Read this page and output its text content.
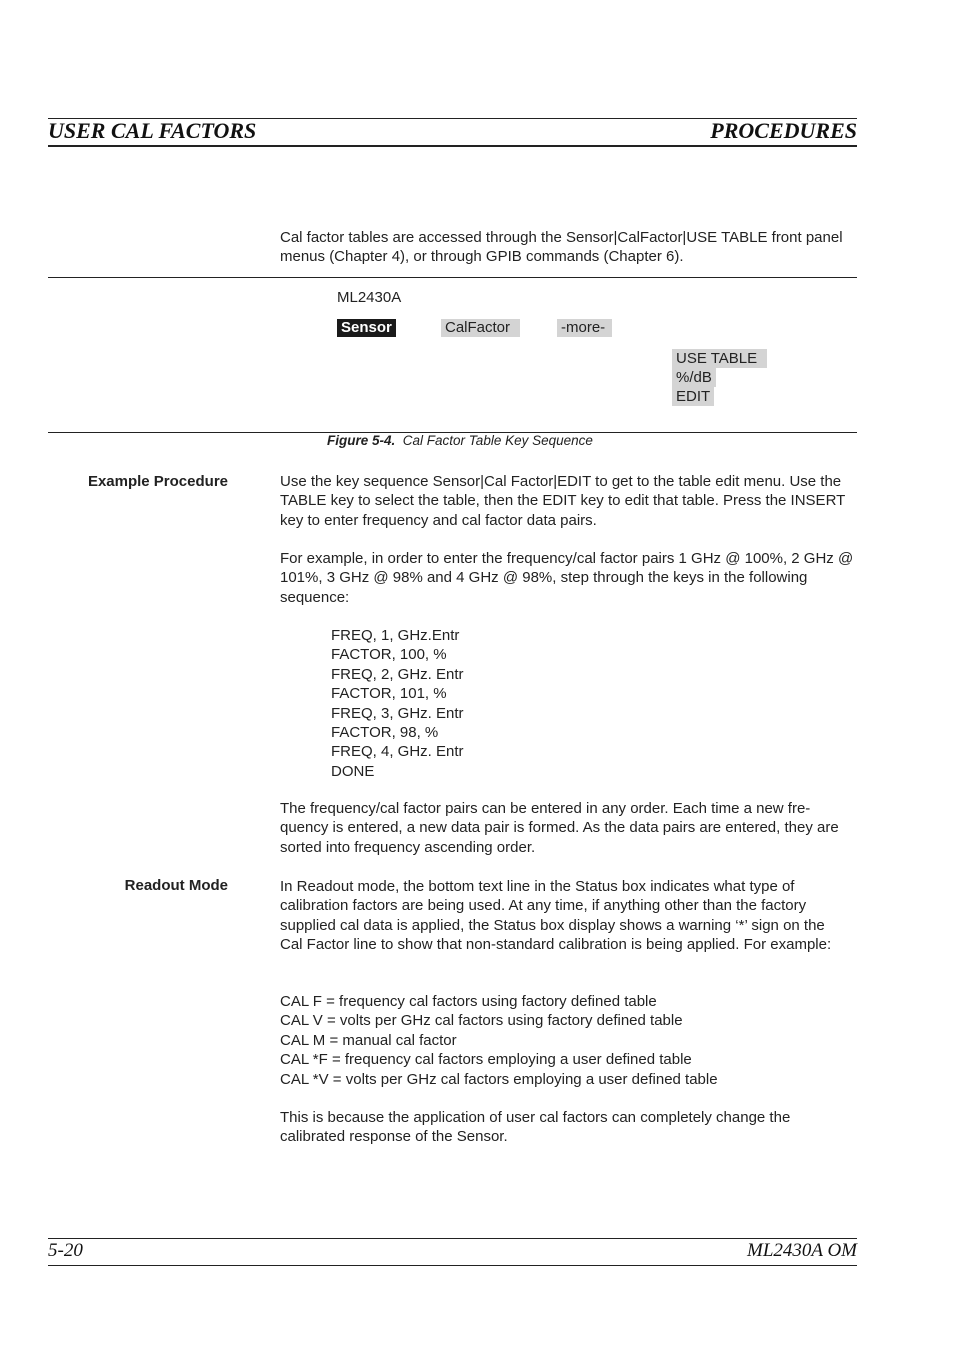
USER CAL FACTORS	PROCEDURES
Cal factor tables are accessed through the Sensor|CalFactor|USE TABLE front panel menus (Chapter 4), or through GPIB commands (Chapter 6).
ML2430A
Sensor	CalFactor	-more-
USE TABLE
%/dB
EDIT
Figure 5-4. Cal Factor Table Key Sequence
Example Procedure	Use the key sequence Sensor|Cal Factor|EDIT to get to the table edit menu. Use the TABLE key to select the table, then the EDIT key to edit that table. Press the INSERT key to enter frequency and cal factor data pairs.
For example, in order to enter the frequency/cal factor pairs 1 GHz @ 100%, 2 GHz @ 101%, 3 GHz @ 98% and 4 GHz @ 98%, step through the keys in the following sequence:
FREQ, 1, GHz.Entr
FACTOR, 100, %
FREQ, 2, GHz. Entr
FACTOR, 101, %
FREQ, 3, GHz. Entr
FACTOR, 98, %
FREQ, 4, GHz. Entr
DONE
The frequency/cal factor pairs can be entered in any order. Each time a new fre-quency is entered, a new data pair is formed. As the data pairs are entered, they are sorted into frequency ascending order.
Readout Mode	In Readout mode, the bottom text line in the Status box indicates what type of calibration factors are being used. At any time, if anything other than the factory supplied cal data is applied, the Status box display shows a warning ‘*’ sign on the Cal Factor line to show that non-standard calibration is being applied. For example:
CAL F = frequency cal factors using factory defined table
CAL V = volts per GHz cal factors using factory defined table
CAL M = manual cal factor
CAL *F = frequency cal factors employing a user defined table
CAL *V = volts per GHz cal factors employing a user defined table
This is because the application of user cal factors can completely change the calibrated response of the Sensor.
5-20	ML2430A OM
